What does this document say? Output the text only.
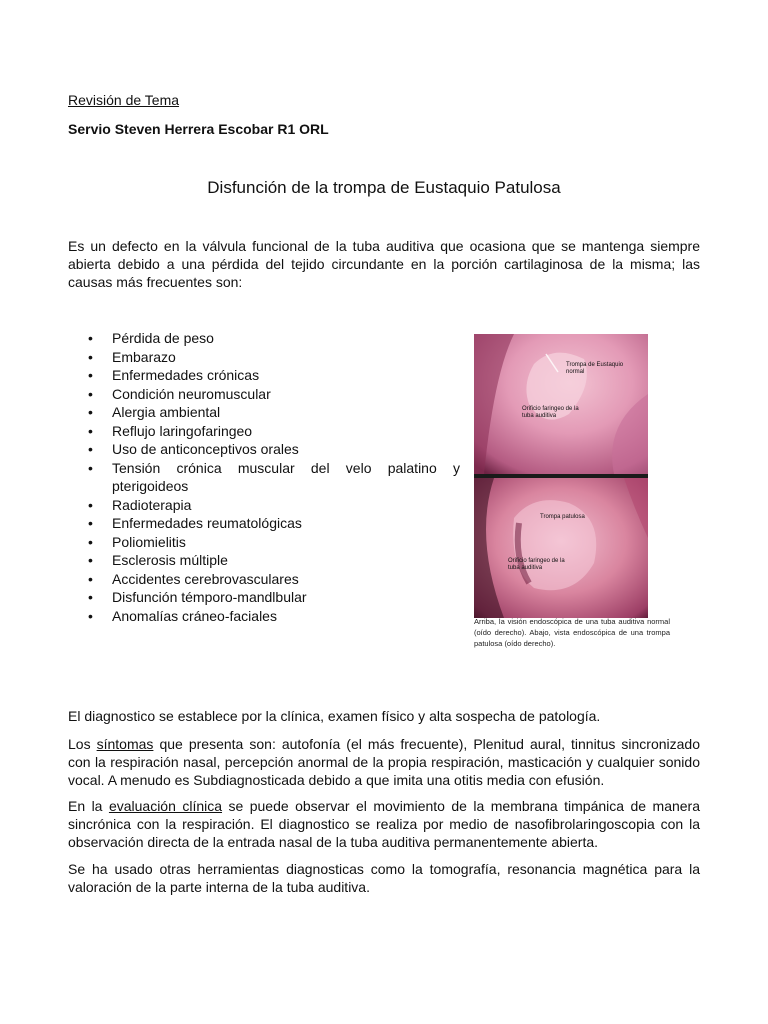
Revisión de Tema
Servio Steven Herrera Escobar R1 ORL
Disfunción de la trompa de Eustaquio Patulosa
Es un defecto en la válvula funcional de la tuba auditiva que ocasiona que se mantenga siempre abierta debido a una pérdida del tejido circundante en la porción cartilaginosa de la misma; las causas más frecuentes son:
• Pérdida de peso
• Embarazo
• Enfermedades crónicas
• Condición neuromuscular
• Alergia ambiental
• Reflujo laringofaringeo
• Uso de anticonceptivos orales
• Tensión crónica muscular del velo palatino y
pterigoideos
• Radioterapia
• Enfermedades reumatológicas
• Poliomielitis
• Esclerosis múltiple
• Accidentes cerebrovasculares
• Disfunción témporo-mandlbular
• Anomalías cráneo-faciales
Trompa de Eustaquio normal
Orificio faringeo de la tuba auditiva
Trompa patulosa
Orificio faringeo de la tuba auditiva
Arriba, la visión endoscópica de una tuba auditiva normal (oído derecho). Abajo, vista endoscópica de una trompa patulosa (oído derecho).
El diagnostico se establece por la clínica, examen físico y alta sospecha de patología.
Los síntomas que presenta son: autofonía (el más frecuente), Plenitud aural, tinnitus sincronizado con la respiración nasal, percepción anormal de la propia respiración, masticación y cualquier sonido vocal. A menudo es Subdiagnosticada debido a que imita una otitis media con efusión.
En la evaluación clínica se puede observar el movimiento de la membrana timpánica de manera sincrónica con la respiración. El diagnostico se realiza por medio de nasofibrolaringoscopia con la observación directa de la entrada nasal de la tuba auditiva permanentemente abierta.
Se ha usado otras herramientas diagnosticas como la tomografía, resonancia magnética para la valoración de la parte interna de la tuba auditiva.
